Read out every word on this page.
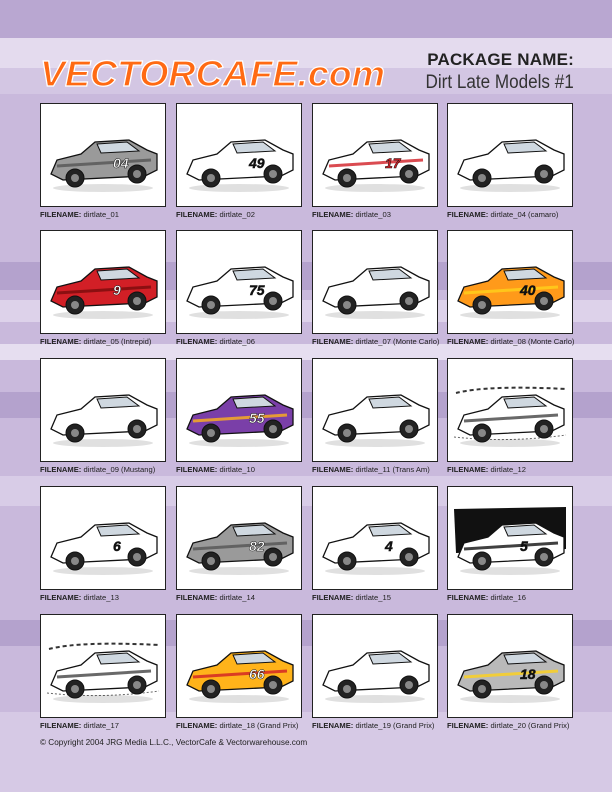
VECTORCAFE.com PACKAGE NAME:
Dirt Late Models #1
04
FILENAME: dirtlate_01
49
FILENAME: dirtlate_02
17
FILENAME: dirtlate_03	FILENAME: dirtlate_04 (camaro)
9
FILENAME: dirtlate_05 (Intrepid)
75
FILENAME: dirtlate_06	FILENAME: dirtlate_07 (Monte Carlo)
40
FILENAME: dirtlate_08 (Monte Carlo)
FILENAME: dirtlate_09 (Mustang)
55
FILENAME: dirtlate_10	FILENAME: dirtlate_11 (Trans Am)	FILENAME: dirtlate_12
6
FILENAME: dirtlate_13
82
FILENAME: dirtlate_14
4
FILENAME: dirtlate_15
5
FILENAME: dirtlate_16
FILENAME: dirtlate_17
66
FILENAME: dirtlate_18 (Grand Prix)	FILENAME: dirtlate_19 (Grand Prix)
18
FILENAME: dirtlate_20 (Grand Prix)
© Copyright 2004 JRG Media L.L.C., VectorCafe & Vectorwarehouse.com
